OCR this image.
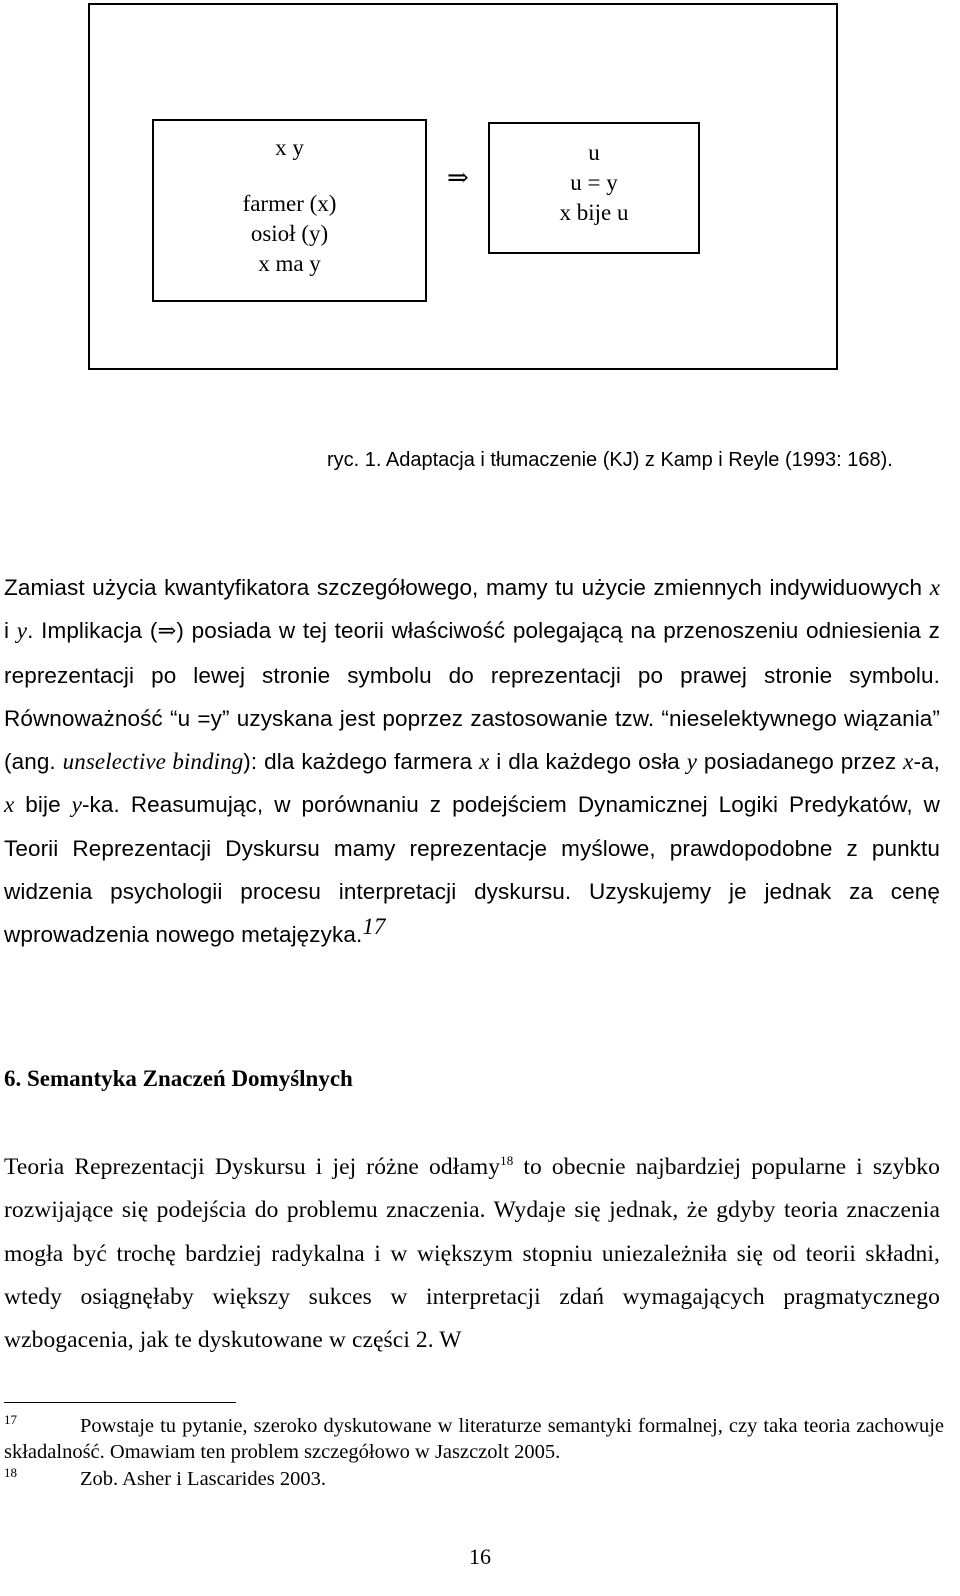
x y
farmer (x)
osioł (y)
x ma y
⇒
u
u = y
x bije u
ryc. 1. Adaptacja i tłumaczenie (KJ) z Kamp i Reyle (1993: 168).

Zamiast użycia kwantyfikatora szczegółowego, mamy tu użycie zmiennych indywiduowych x i y. Implikacja (⇒) posiada w tej teorii właściwość polegającą na przenoszeniu odniesienia z reprezentacji po lewej stronie symbolu do reprezentacji po prawej stronie symbolu. Równoważność “u =y” uzyskana jest poprzez zastosowanie tzw. “nieselektywnego wiązania” (ang. unselective binding): dla każdego farmera x i dla każdego osła y posiadanego przez x-a, x bije y-ka. Reasumując, w porównaniu z podejściem Dynamicznej Logiki Predykatów, w Teorii Reprezentacji Dyskursu mamy reprezentacje myślowe, prawdopodobne z punktu widzenia psychologii procesu interpretacji dyskursu. Uzyskujemy je jednak za cenę wprowadzenia nowego metajęzyka.$^{17}$

6. Semantyka Znaczeń Domyślnych

Teoria Reprezentacji Dyskursu i jej różne odłamy$^{18}$ to obecnie najbardziej popularne i szybko rozwijające się podejścia do problemu znaczenia. Wydaje się jednak, że gdyby teoria znaczenia mogła być trochę bardziej radykalna i w większym stopniu uniezależniła się od teorii składni, wtedy osiągnęłaby większy sukces w interpretacji zdań wymagających pragmatycznego wzbogacenia, jak te dyskutowane w części 2. W

17	Powstaje tu pytanie, szeroko dyskutowane w literaturze semantyki formalnej, czy taka teoria zachowuje składalność. Omawiam ten problem szczegółowo w Jaszczolt 2005.

18	Zob. Asher i Lascarides 2003.

16
